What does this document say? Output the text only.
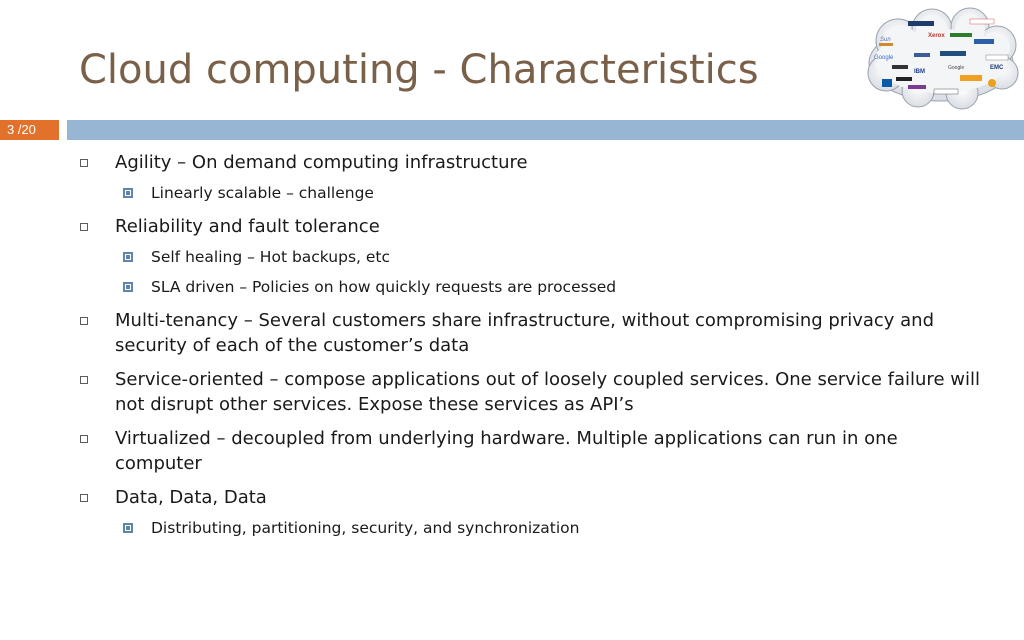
Cloud computing - Characteristics
Sun
Xerox
Google
IBM
Google	EMC
3 /20
Agility – On demand computing infrastructure
Linearly scalable – challenge
Reliability and fault tolerance
Self healing – Hot backups, etc
SLA driven – Policies on how quickly requests are processed
Multi-tenancy – Several customers share infrastructure, without compromising privacy and security of each of the customer’s data
Service-oriented – compose applications out of loosely coupled services. One service failure will not disrupt other services. Expose these services as API’s
Virtualized – decoupled from underlying hardware. Multiple applications can run in one computer
Data, Data, Data
Distributing, partitioning, security, and synchronization
